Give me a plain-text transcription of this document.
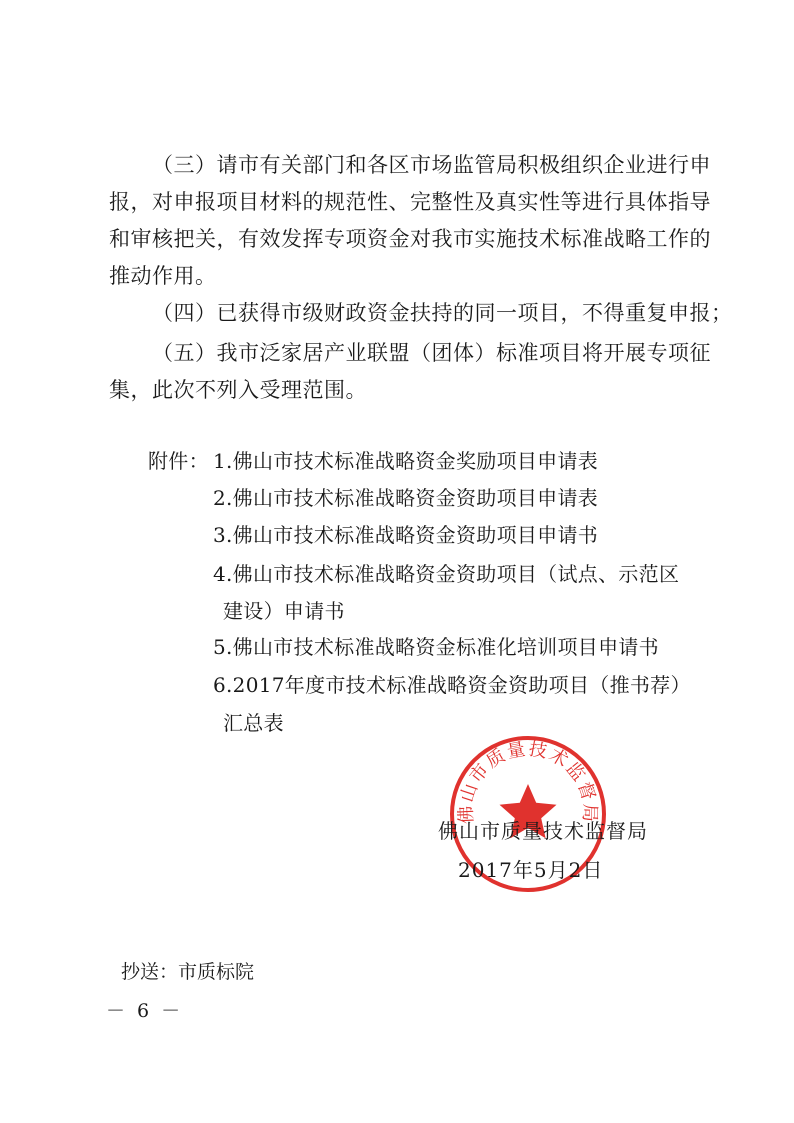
（三）请市有关部门和各区市场监管局积极组织企业进行申
报，对申报项目材料的规范性、完整性及真实性等进行具体指导
和审核把关，有效发挥专项资金对我市实施技术标准战略工作的
推动作用。
（四）已获得市级财政资金扶持的同一项目，不得重复申报；
（五）我市泛家居产业联盟（团体）标准项目将开展专项征
集，此次不列入受理范围。
附件： 1.佛山市技术标准战略资金奖励项目申请表
2.佛山市技术标准战略资金资助项目申请表
3.佛山市技术标准战略资金资助项目申请书
4.佛山市技术标准战略资金资助项目（试点、示范区
建设）申请书
5.佛山市技术标准战略资金标准化培训项目申请书
6.2017年度市技术标准战略资金资助项目（推书荐）
汇总表
佛山市质量技术监督局
佛山市质量技术监督局
2017年5月2日
抄送：市质标院
－ 6 －
